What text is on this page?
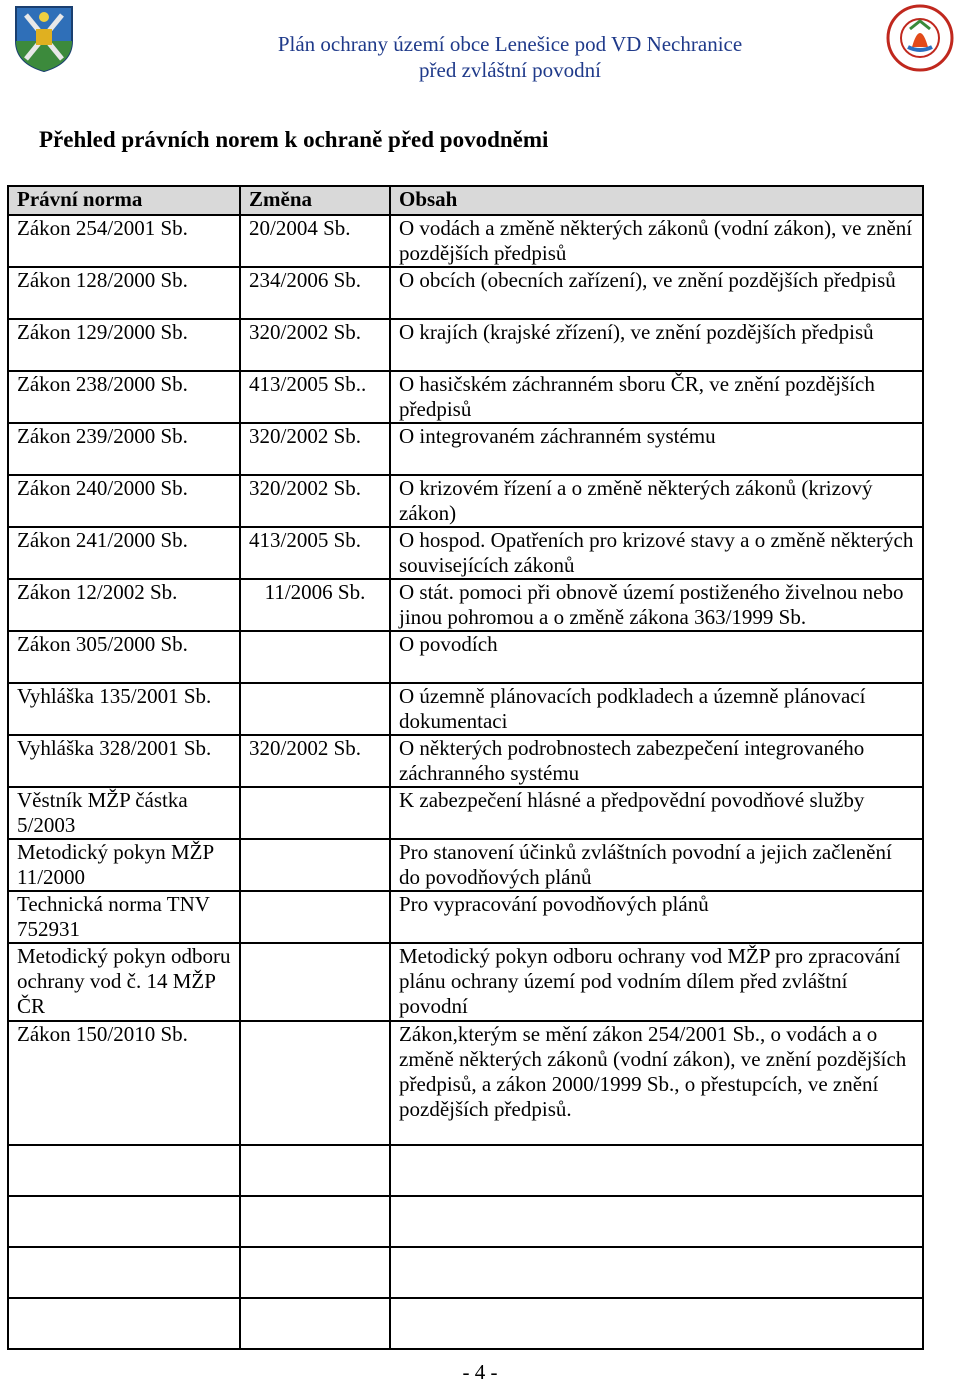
Plán ochrany území obce Lenešice pod VD Nechranice
před zvláštní povodní
Přehled právních norem k ochraně před povodněmi
Právní norma	Změna	Obsah
Zákon 254/2001 Sb.	20/2004 Sb.	O vodách a změně některých zákonů (vodní zákon), ve znění pozdějších předpisů
Zákon 128/2000 Sb.	234/2006 Sb.	O obcích (obecních zařízení), ve znění pozdějších předpisů
Zákon 129/2000 Sb.	320/2002 Sb.	O krajích (krajské zřízení), ve znění pozdějších předpisů
Zákon 238/2000 Sb.	413/2005 Sb..	O hasičském záchranném sboru ČR, ve znění pozdějších předpisů
Zákon 239/2000 Sb.	320/2002 Sb.	O integrovaném záchranném systému
Zákon 240/2000 Sb.	320/2002 Sb.	O krizovém řízení a o změně některých zákonů (krizový zákon)
Zákon 241/2000 Sb.	413/2005 Sb.	O hospod. Opatřeních pro krizové stavy a o změně některých souvisejících zákonů
Zákon 12/2002 Sb.	11/2006 Sb.	O stát. pomoci při obnově území postiženého živelnou nebo jinou pohromou a o změně zákona 363/1999 Sb.
Zákon 305/2000 Sb.		O povodích
Vyhláška 135/2001 Sb.		O územně plánovacích podkladech a územně plánovací dokumentaci
Vyhláška 328/2001 Sb.	320/2002 Sb.	O některých podrobnostech zabezpečení integrovaného záchranného systému
Věstník MŽP částka 5/2003		K zabezpečení hlásné a předpovědní povodňové služby
Metodický pokyn MŽP 11/2000		Pro stanovení účinků zvláštních povodní a jejich začlenění do povodňových plánů
Technická norma TNV 752931		Pro vypracování povodňových plánů
Metodický pokyn odboru ochrany vod č. 14 MŽP ČR		Metodický pokyn odboru ochrany vod MŽP pro zpracování plánu ochrany území pod vodním dílem před zvláštní povodní
Zákon 150/2010 Sb.		Zákon,kterým se mění zákon 254/2001 Sb., o vodách a o změně některých zákonů (vodní zákon), ve znění pozdějších předpisů, a zákon 2000/1999 Sb., o přestupcích, ve znění pozdějších předpisů.

- 4 -
